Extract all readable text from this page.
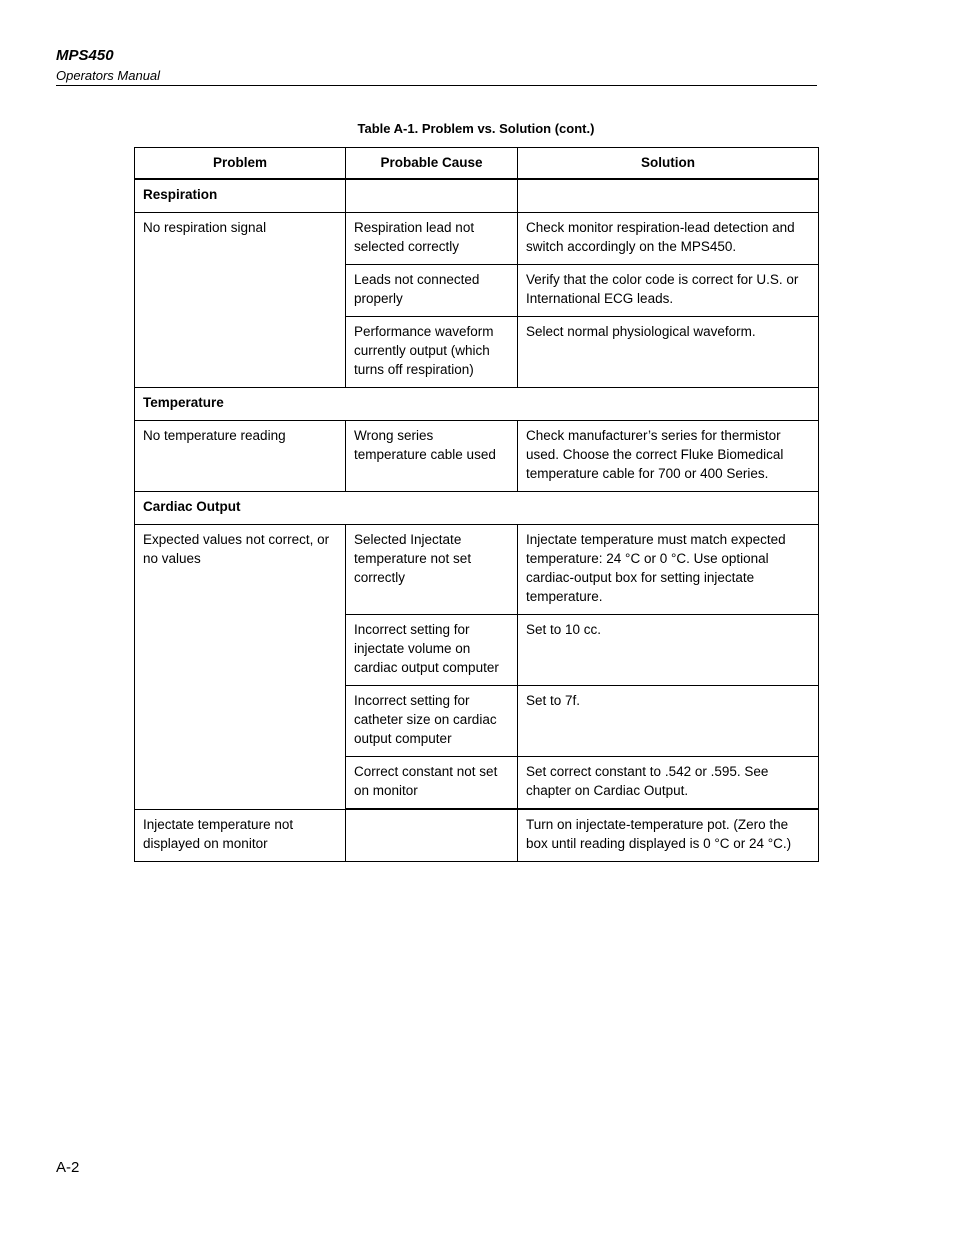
MPS450
Operators Manual
Table A-1. Problem vs. Solution (cont.)
Problem	Probable Cause	Solution
Respiration		
No respiration signal	Respiration lead not selected correctly	Check monitor respiration-lead detection and switch accordingly on the MPS450.
	Leads not connected properly	Verify that the color code is correct for U.S. or International ECG leads.
	Performance waveform currently output (which turns off respiration)	Select normal physiological waveform.
Temperature		
No temperature reading	Wrong series temperature cable used	Check manufacturer’s series for thermistor used. Choose the correct Fluke Biomedical temperature cable for 700 or 400 Series.
Cardiac Output		
Expected values not correct, or no values	Selected Injectate temperature not set correctly	Injectate temperature must match expected temperature: 24 °C or 0 °C. Use optional cardiac-output box for setting injectate temperature.
	Incorrect setting for injectate volume on cardiac output computer	Set to 10 cc.
	Incorrect setting for catheter size on cardiac output computer	Set to 7f.
	Correct constant not set on monitor	Set correct constant to .542 or .595. See chapter on Cardiac Output.
Injectate temperature not displayed on monitor		Turn on injectate-temperature pot. (Zero the box until reading displayed is 0 °C or 24 °C.)
A-2
